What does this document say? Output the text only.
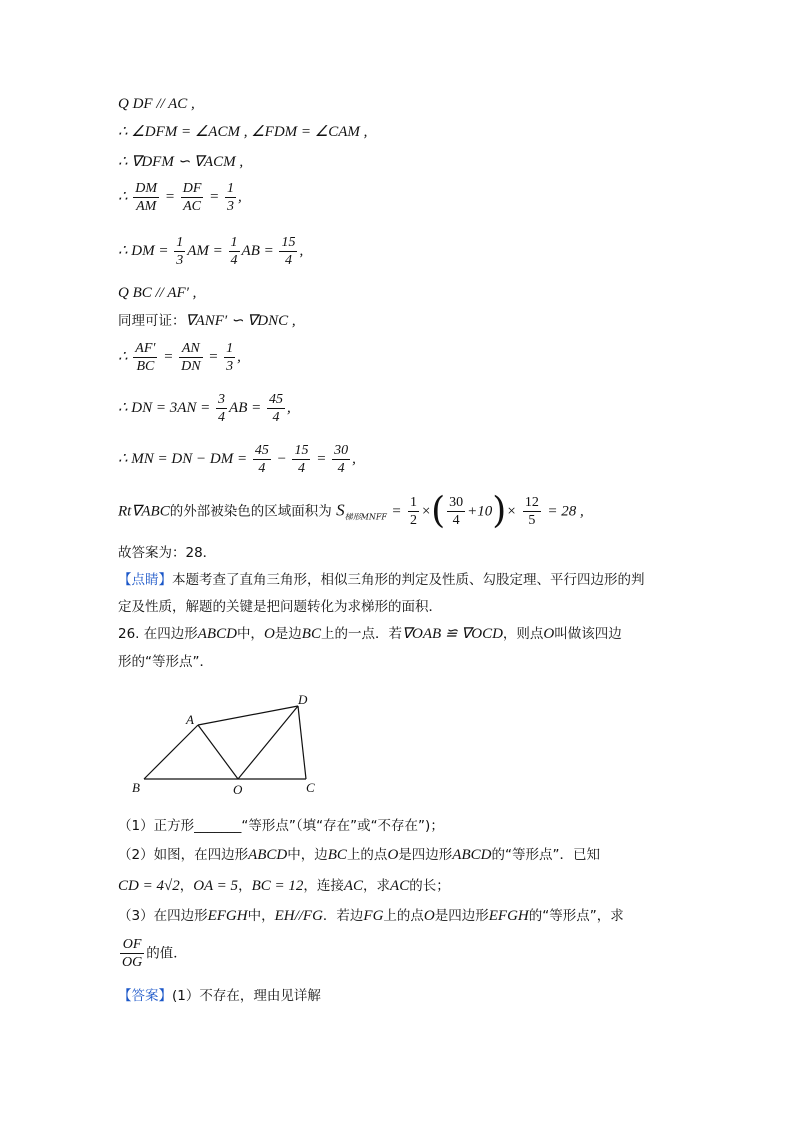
Q DF // AC ,
∴ ∠DFM = ∠ACM , ∠FDM = ∠CAM ,
∴ ∇DFM ∽ ∇ACM ,
∴ $\frac{DM}{AM} = \frac{DF}{AC} = \frac{1}{3}$ ,
∴ DM = $\frac{1}{3}$ AM = $\frac{1}{4}$ AB = $\frac{15}{4}$ ,
Q BC // AF′ ,
同理可证：∇ANF′ ∽ ∇DNC ,
∴ $\frac{AF'}{BC} = \frac{AN}{DN} = \frac{1}{3}$ ,
∴ DN = $3AN = \frac{3}{4}$ AB = $\frac{45}{4}$ ,
∴ MN = DN − DM = $\frac{45}{4} - \frac{15}{4} = \frac{30}{4}$ ,
Rt∇ABC的外部被染色的区域面积为 $S_{梯形MNFF} = \frac{1}{2}$ ×( $\frac{30}{4} +10)\times \frac{12}{5} = 28$ ,
故答案为：28．
【点睛】本题考查了直角三角形，相似三角形的判定及性质、勾股定理、平行四边形的判
定及性质，解题的关键是把问题转化为求梯形的面积．
26. 在四边形ABCD中，O是边BC上的一点．若∇OAB ≌ ∇OCD，则点O叫做该四边
形的“等形点”．
A
B	C
D
O
（1）正方形_______“等形点”（填“存在”或“不存在”)；
（2）如图，在四边形ABCD中，边BC上的点O是四边形ABCD的“等形点”．已知
CD = 4√2，OA = 5，BC = 12，连接AC，求AC的长；
（3）在四边形EFGH中，EH//FG．若边FG上的点O是四边形EFGH的“等形点”，求
$\frac{OF}{OG}$ 的值．
【答案】(1）不存在，理由见详解
